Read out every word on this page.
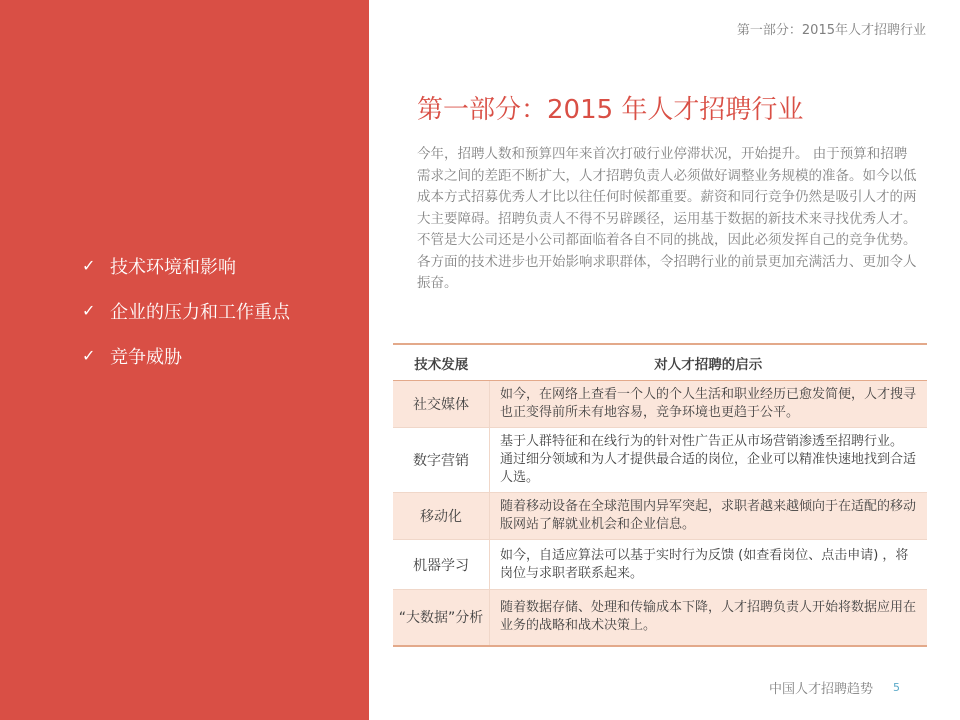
✓ 技术环境和影响
✓ 企业的压力和工作重点
✓ 竞争威胁
第一部分：2015年人才招聘行业
第一部分：2015 年人才招聘行业

今年，招聘人数和预算四年来首次打破行业停滞状况，开始提升。 由于预算和招聘需求之间的差距不断扩大，人才招聘负责人必须做好调整业务规模的准备。如今以低成本方式招募优秀人才比以往任何时候都重要。薪资和同行竞争仍然是吸引人才的两大主要障碍。招聘负责人不得不另辟蹊径，运用基于数据的新技术来寻找优秀人才。不管是大公司还是小公司都面临着各自不同的挑战，因此必须发挥自己的竞争优势。各方面的技术进步也开始影响求职群体，令招聘行业的前景更加充满活力、更加令人振奋。

技术发展	对人才招聘的启示
社交媒体	如今，在网络上查看一个人的个人生活和职业经历已愈发简便，人才搜寻也正变得前所未有地容易，竞争环境也更趋于公平。
数字营销	基于人群特征和在线行为的针对性广告正从市场营销渗透至招聘行业。 通过细分领域和为人才提供最合适的岗位，企业可以精准快速地找到合适人选。
移动化	随着移动设备在全球范围内异军突起，求职者越来越倾向于在适配的移动版网站了解就业机会和企业信息。
机器学习	如今，自适应算法可以基于实时行为反馈 (如查看岗位、点击申请) ，将岗位与求职者联系起来。
“大数据”分析	随着数据存储、处理和传输成本下降，人才招聘负责人开始将数据应用在业务的战略和战术决策上。
中国人才招聘趋势 5
